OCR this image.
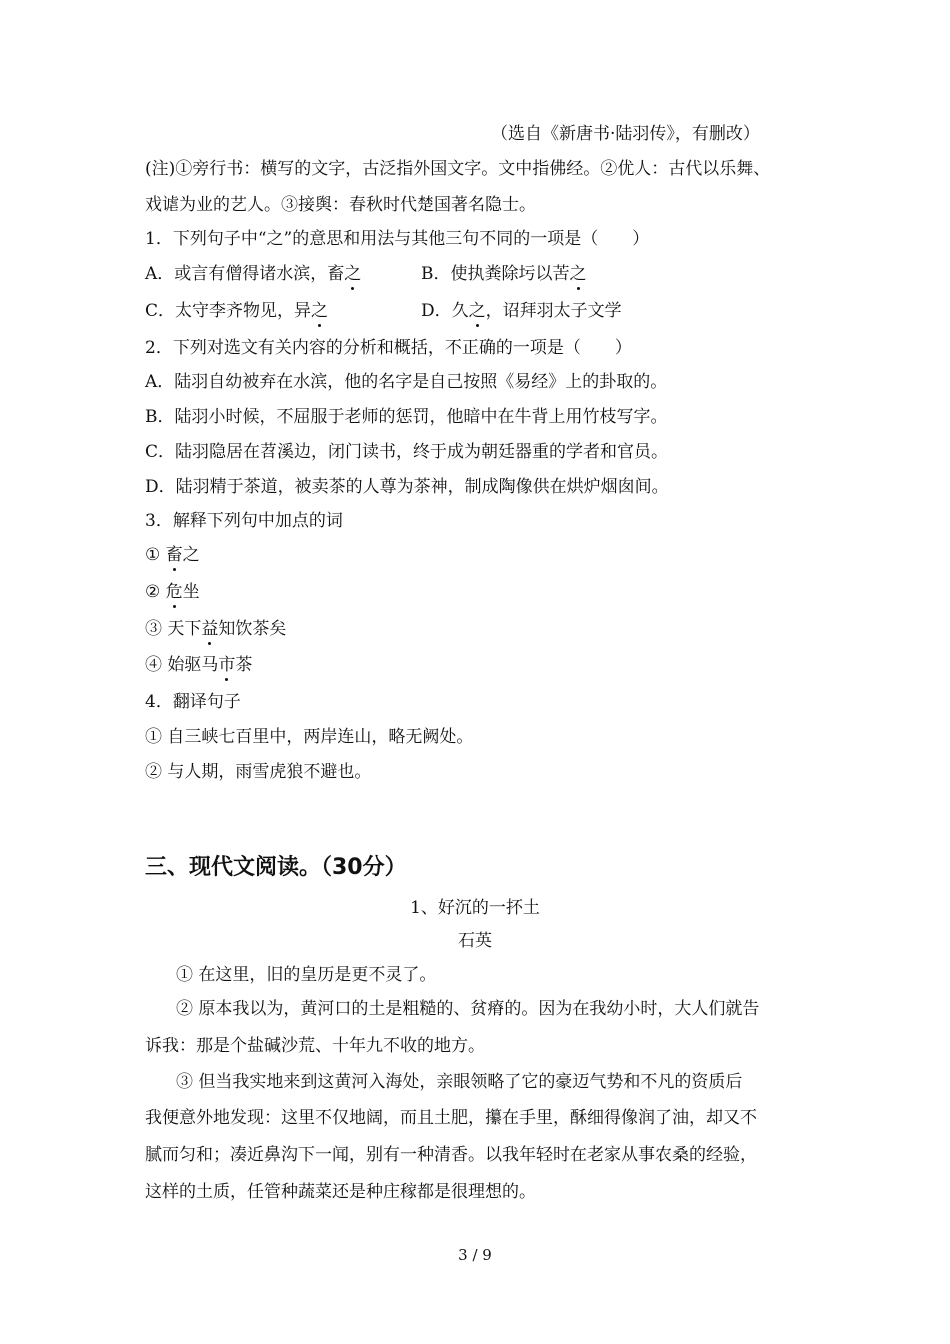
（选自《新唐书·陆羽传》，有删改）
(注)①旁行书：横写的文字，古泛指外国文字。文中指佛经。②优人：古代以乐舞、
戏谑为业的艺人。③接舆：春秋时代楚国著名隐士。
1．下列句子中“之”的意思和用法与其他三句不同的一项是（　　）
A．或言有僧得诸水滨，畜之	B．使执粪除圬以苦之
C．太守李齐物见，异之	D．久之，诏拜羽太子文学
2．下列对选文有关内容的分析和概括，不正确的一项是（　　）
A．陆羽自幼被弃在水滨，他的名字是自己按照《易经》上的卦取的。
B．陆羽小时候，不屈服于老师的惩罚，他暗中在牛背上用竹枝写字。
C．陆羽隐居在苕溪边，闭门读书，终于成为朝廷器重的学者和官员。
D．陆羽精于茶道，被卖茶的人尊为茶神，制成陶像供在烘炉烟囱间。
3．解释下列句中加点的词
① 畜之
② 危坐
③ 天下益知饮茶矣
④ 始驱马市茶
4．翻译句子
① 自三峡七百里中，两岸连山，略无阙处。
② 与人期，雨雪虎狼不避也。
三、现代文阅读。（30分）
1、好沉的一抔土
石英
① 在这里，旧的皇历是更不灵了。
② 原本我以为，黄河口的土是粗糙的、贫瘠的。因为在我幼小时，大人们就告
诉我：那是个盐碱沙荒、十年九不收的地方。
③ 但当我实地来到这黄河入海处，亲眼领略了它的豪迈气势和不凡的资质后
我便意外地发现：这里不仅地阔，而且土肥，攥在手里，酥细得像润了油，却又不
腻而匀和；凑近鼻沟下一闻，别有一种清香。以我年轻时在老家从事农桑的经验，
这样的土质，任管种蔬菜还是种庄稼都是很理想的。
3 / 9
